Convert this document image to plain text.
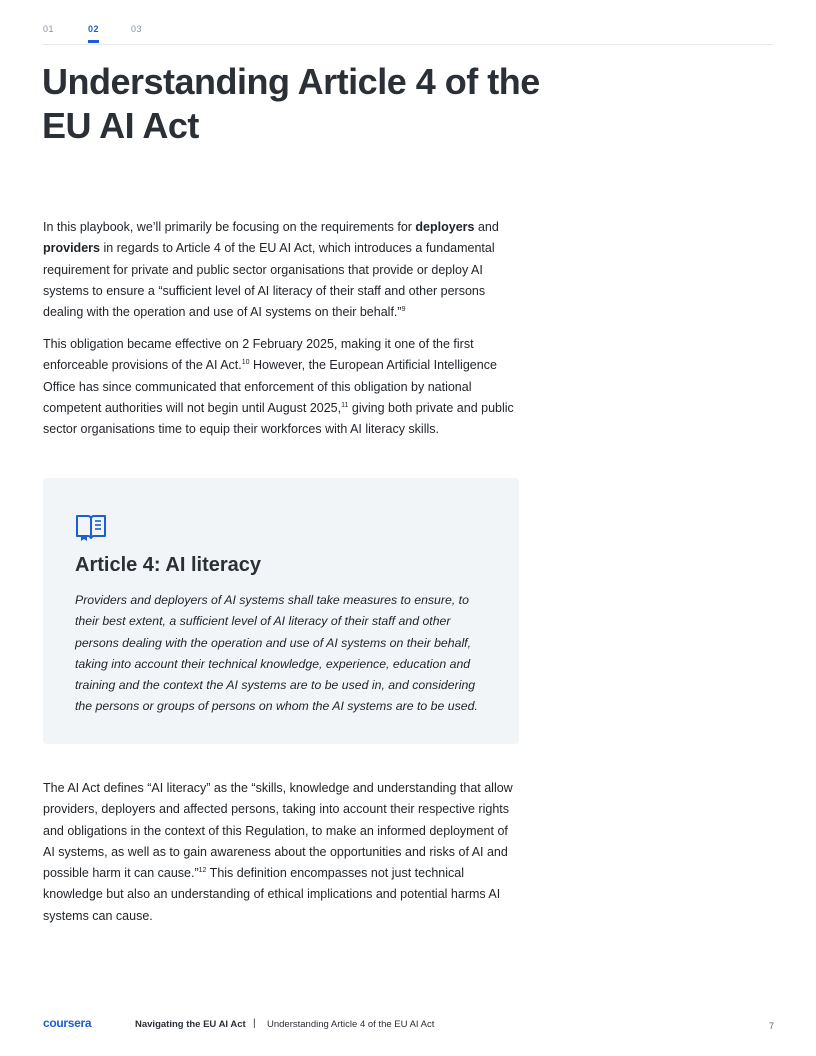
01	02	03
Understanding Article 4 of the EU AI Act

In this playbook, we’ll primarily be focusing on the requirements for deployers and providers in regards to Article 4 of the EU AI Act, which introduces a fundamental requirement for private and public sector organisations that provide or deploy AI systems to ensure a “sufficient level of AI literacy of their staff and other persons dealing with the operation and use of AI systems on their behalf.”$^9$

This obligation became effective on 2 February 2025, making it one of the first enforceable provisions of the AI Act.$^{10}$ However, the European Artificial Intelligence Office has since communicated that enforcement of this obligation by national competent authorities will not begin until August 2025,11 giving both private and public sector organisations time to equip their workforces with AI literacy skills.

Article 4: AI literacy

Providers and deployers of AI systems shall take measures to ensure, to their best extent, a sufficient level of AI literacy of their staff and other persons dealing with the operation and use of AI systems on their behalf, taking into account their technical knowledge, experience, education and training and the context the AI systems are to be used in, and considering the persons or groups of persons on whom the AI systems are to be used.

The AI Act defines “AI literacy” as the “skills, knowledge and understanding that allow providers, deployers and affected persons, taking into account their respective rights and obligations in the context of this Regulation, to make an informed deployment of AI systems, as well as to gain awareness about the opportunities and risks of AI and possible harm it can cause.”$^{12}$ This definition encompasses not just technical knowledge but also an understanding of ethical implications and potential harms AI systems can cause.

coursera	Navigating the EU AI Act | Understanding Article 4 of the EU AI Act	7
